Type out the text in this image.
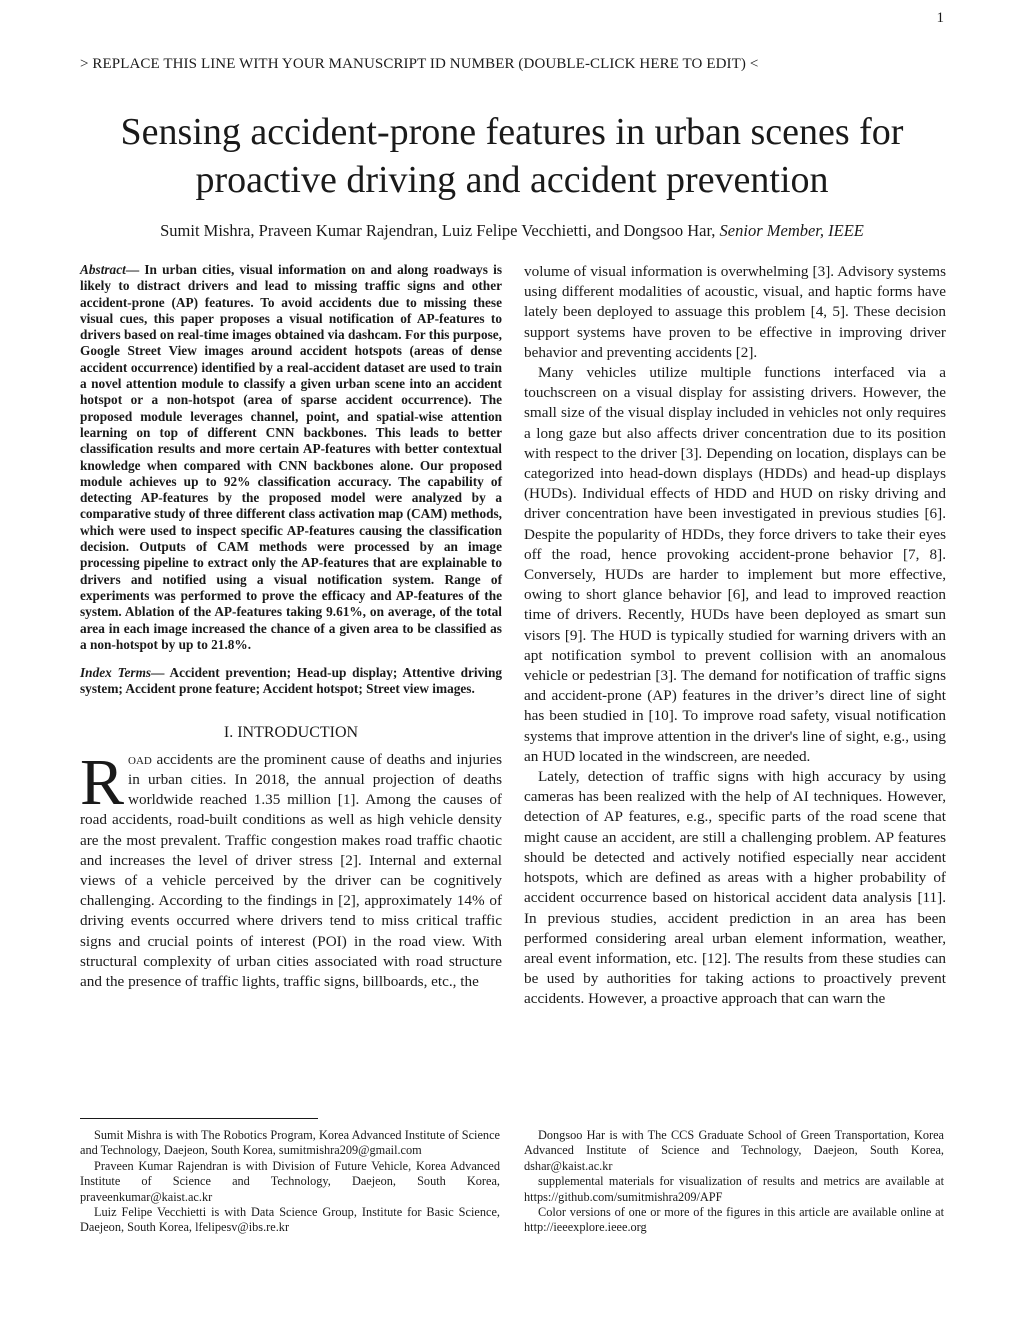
1
> REPLACE THIS LINE WITH YOUR MANUSCRIPT ID NUMBER (DOUBLE-CLICK HERE TO EDIT) <
Sensing accident-prone features in urban scenes for
proactive driving and accident prevention
Sumit Mishra, Praveen Kumar Rajendran, Luiz Felipe Vecchietti, and Dongsoo Har, Senior Member, IEEE

Abstract— In urban cities, visual information on and along roadways is likely to distract drivers and lead to missing traffic signs and other accident-prone (AP) features. To avoid accidents due to missing these visual cues, this paper proposes a visual notification of AP-features to drivers based on real-time images obtained via dashcam. For this purpose, Google Street View images around accident hotspots (areas of dense accident occurrence) identified by a real-accident dataset are used to train a novel attention module to classify a given urban scene into an accident hotspot or a non-hotspot (area of sparse accident occurrence). The proposed module leverages channel, point, and spatial-wise attention learning on top of different CNN backbones. This leads to better classification results and more certain AP-features with better contextual knowledge when compared with CNN backbones alone. Our proposed module achieves up to 92% classification accuracy. The capability of detecting AP-features by the proposed model were analyzed by a comparative study of three different class activation map (CAM) methods, which were used to inspect specific AP-features causing the classification decision. Outputs of CAM methods were processed by an image processing pipeline to extract only the AP-features that are explainable to drivers and notified using a visual notification system. Range of experiments was performed to prove the efficacy and AP-features of the system. Ablation of the AP-features taking 9.61%, on average, of the total area in each image increased the chance of a given area to be classified as a non-hotspot by up to 21.8%.

Index Terms— Accident prevention; Head-up display; Attentive driving system; Accident prone feature; Accident hotspot; Street view images.

I. INTRODUCTION

Road accidents are the prominent cause of deaths and injuries in urban cities. In 2018, the annual projection of deaths worldwide reached 1.35 million [1]. Among the causes of road accidents, road-built conditions as well as high vehicle density are the most prevalent. Traffic congestion makes road traffic chaotic and increases the level of driver stress [2]. Internal and external views of a vehicle perceived by the driver can be cognitively challenging. According to the findings in [2], approximately 14% of driving events occurred where drivers tend to miss critical traffic signs and crucial points of interest (POI) in the road view. With structural complexity of urban cities associated with road structure and the presence of traffic lights, traffic signs, billboards, etc., the

volume of visual information is overwhelming [3]. Advisory systems using different modalities of acoustic, visual, and haptic forms have lately been deployed to assuage this problem [4, 5]. These decision support systems have proven to be effective in improving driver behavior and preventing accidents [2].

Many vehicles utilize multiple functions interfaced via a touchscreen on a visual display for assisting drivers. However, the small size of the visual display included in vehicles not only requires a long gaze but also affects driver concentration due to its position with respect to the driver [3]. Depending on location, displays can be categorized into head-down displays (HDDs) and head-up displays (HUDs). Individual effects of HDD and HUD on risky driving and driver concentration have been investigated in previous studies [6]. Despite the popularity of HDDs, they force drivers to take their eyes off the road, hence provoking accident-prone behavior [7, 8]. Conversely, HUDs are harder to implement but more effective, owing to short glance behavior [6], and lead to improved reaction time of drivers. Recently, HUDs have been deployed as smart sun visors [9]. The HUD is typically studied for warning drivers with an apt notification symbol to prevent collision with an anomalous vehicle or pedestrian [3]. The demand for notification of traffic signs and accident-prone (AP) features in the driver’s direct line of sight has been studied in [10]. To improve road safety, visual notification systems that improve attention in the driver's line of sight, e.g., using an HUD located in the windscreen, are needed.

Lately, detection of traffic signs with high accuracy by using cameras has been realized with the help of AI techniques. However, detection of AP features, e.g., specific parts of the road scene that might cause an accident, are still a challenging problem. AP features should be detected and actively notified especially near accident hotspots, which are defined as areas with a higher probability of accident occurrence based on historical accident data analysis [11]. In previous studies, accident prediction in an area has been performed considering areal urban element information, weather, areal event information, etc. [12]. The results from these studies can be used by authorities for taking actions to proactively prevent accidents. However, a proactive approach that can warn the

Sumit Mishra is with The Robotics Program, Korea Advanced Institute of Science and Technology, Daejeon, South Korea, sumitmishra209@gmail.com

Praveen Kumar Rajendran is with Division of Future Vehicle, Korea Advanced Institute of Science and Technology, Daejeon, South Korea, praveenkumar@kaist.ac.kr

Luiz Felipe Vecchietti is with Data Science Group, Institute for Basic Science, Daejeon, South Korea, lfelipesv@ibs.re.kr

Dongsoo Har is with The CCS Graduate School of Green Transportation, Korea Advanced Institute of Science and Technology, Daejeon, South Korea, dshar@kaist.ac.kr

supplemental materials for visualization of results and metrics are available at https://github.com/sumitmishra209/APF

Color versions of one or more of the figures in this article are available online at http://ieeexplore.ieee.org
